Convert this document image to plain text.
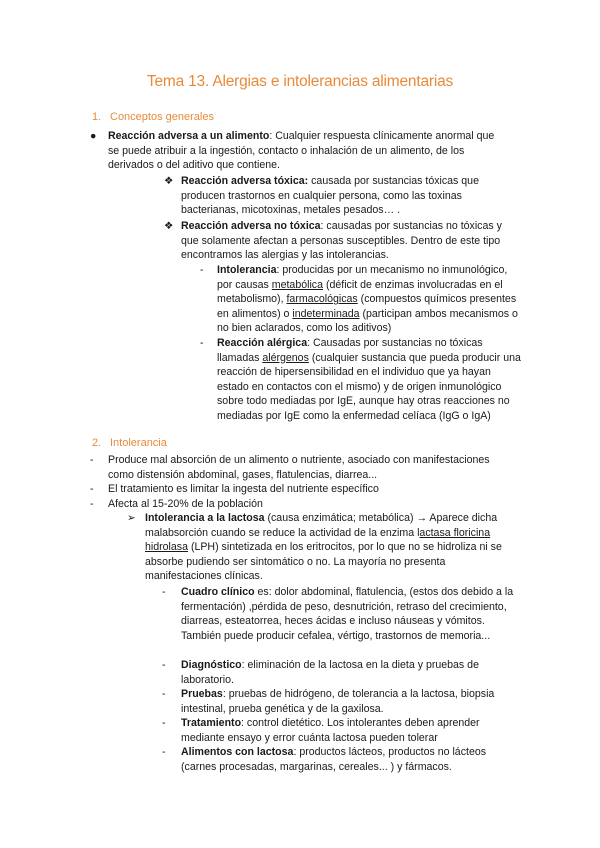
Tema 13. Alergias e intolerancias alimentarias
1. Conceptos generales
● Reacción adversa a un alimento: Cualquier respuesta clínicamente anormal que se puede atribuir a la ingestión, contacto o inhalación de un alimento, de los derivados o del aditivo que contiene.
❖ Reacción adversa tóxica: causada por sustancias tóxicas que producen trastornos en cualquier persona, como las toxinas bacterianas, micotoxinas, metales pesados… .
❖ Reacción adversa no tóxica: causadas por sustancias no tóxicas y que solamente afectan a personas susceptibles. Dentro de este tipo encontramos las alergias y las intolerancias.
- Intolerancia: producidas por un mecanismo no inmunológico, por causas metabólica (déficit de enzimas involucradas en el metabolismo), farmacológicas (compuestos químicos presentes en alimentos) o indeterminada (participan ambos mecanismos o no bien aclarados, como los aditivos)
- Reacción alérgica: Causadas por sustancias no tóxicas llamadas alérgenos (cualquier sustancia que pueda producir una reacción de hipersensibilidad en el individuo que ya hayan estado en contactos con el mismo) y de origen inmunológico sobre todo mediadas por IgE, aunque hay otras reacciones no mediadas por IgE como la enfermedad celíaca (IgG o IgA)
2. Intolerancia
- Produce mal absorción de un alimento o nutriente, asociado con manifestaciones como distensión abdominal, gases, flatulencias, diarrea...
- El tratamiento es limitar la ingesta del nutriente específico
- Afecta al 15-20% de la población
➢ Intolerancia a la lactosa (causa enzimática; metabólica) → Aparece dicha malabsorción cuando se reduce la actividad de la enzima lactasa floricina hidrolasa (LPH) sintetizada en los eritrocitos, por lo que no se hidroliza ni se absorbe pudiendo ser sintomático o no. La mayoría no presenta manifestaciones clínicas.
- Cuadro clínico es: dolor abdominal, flatulencia, (estos dos debido a la fermentación) ,pérdida de peso, desnutrición, retraso del crecimiento, diarreas, esteatorrea, heces ácidas e incluso náuseas y vómitos. También puede producir cefalea, vértigo, trastornos de memoria...
- Diagnóstico: eliminación de la lactosa en la dieta y pruebas de laboratorio.
- Pruebas: pruebas de hidrógeno, de tolerancia a la lactosa, biopsia intestinal, prueba genética y de la gaxilosa.
- Tratamiento: control dietético. Los intolerantes deben aprender mediante ensayo y error cuánta lactosa pueden tolerar
- Alimentos con lactosa: productos lácteos, productos no lácteos (carnes procesadas, margarinas, cereales... ) y fármacos.
